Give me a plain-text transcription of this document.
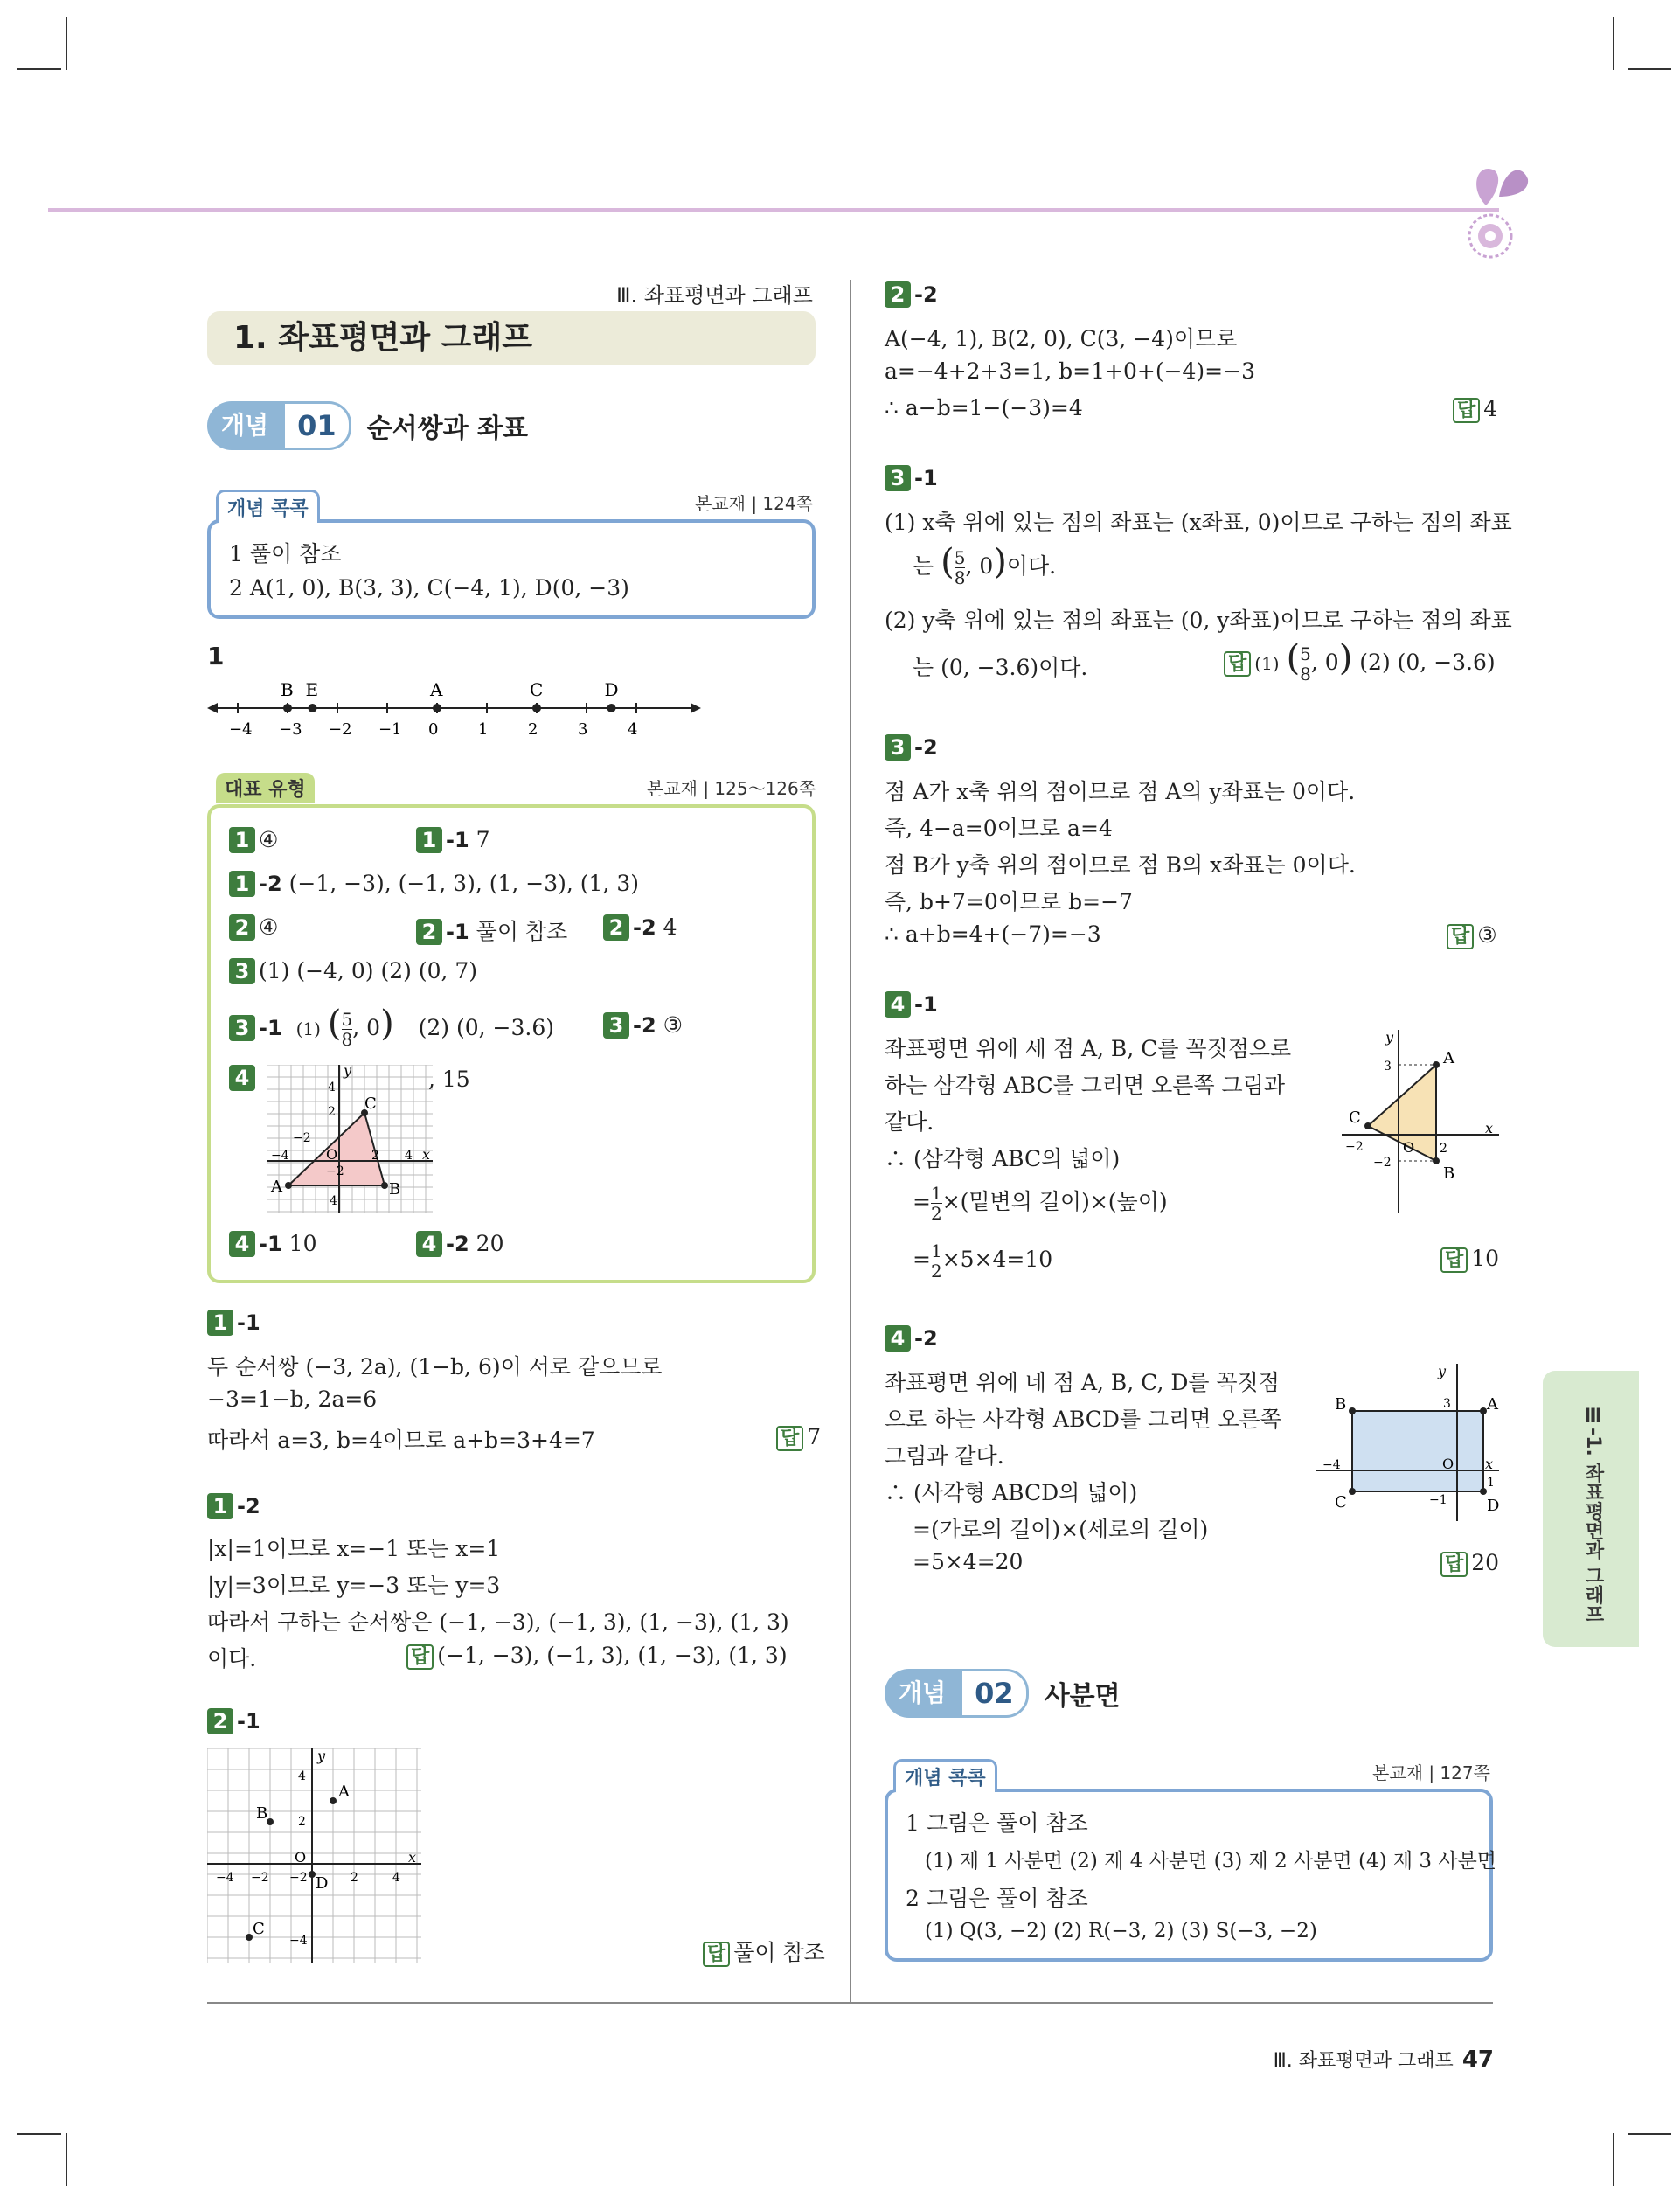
Ⅲ. 좌표평면과 그래프
1. 좌표평면과 그래프
개념	01	순서쌍과 좌표
개념 콕콕	본교재 | 124쪽
1 풀이 참조
2 A(1, 0), B(3, 3), C(−4, 1), D(0, −3)
1
−4 −3 −2 −1 0	1	2	3	4
B E	A	C	D
대표 유형	본교재 | 125～126쪽
1 ④	1 -1 7
1 -2 (−1, −3), (−1, 3), (1, −3), (1, 3)
2 ④	2 -1 풀이 참조 2 -2 4
3 (1) (−4, 0) (2) (0, 7)
3 -1 (1) ( $\frac{5}{8}$ , 0) (2) (0, −3.6)	3 -2 ③
4	y
x
A	B
C
O
4
2
−2
−2
−4
4
2 4
, 15
4 -1 10	4 -2 20
1 -1
두 순서쌍 (−3, 2a), (1−b, 6)이 서로 같으므로
−3=1−b, 2a=6
따라서 a=3, b=4이므로 a+b=3+4=7	답 7
1 -2
|x|=1이므로 x=−1 또는 x=1
|y|=3이므로 y=−3 또는 y=3
따라서 구하는 순서쌍은 (−1, −3), (−1, 3), (1, −3), (1, 3)
이다.	답 (−1, −3), (−1, 3), (1, −3), (1, 3)
2 -1
y
x
A
B
C
D
O
4
2
−2
−4
−4 −2	2	4
답 풀이 참조
2 -2
A(−4, 1), B(2, 0), C(3, −4)이므로
a=−4+2+3=1, b=1+0+(−4)=−3
∴ a−b=1−(−3)=4	답 4
3 -1
(1) x축 위에 있는 점의 좌표는 (x좌표, 0)이므로 구하는 점의 좌표
는 ( $\frac{5}{8}$ , 0)이다.
(2) y축 위에 있는 점의 좌표는 (0, y좌표)이므로 구하는 점의 좌표
는 (0, −3.6)이다.	답 (1) ( $\frac{5}{8}$ , 0) (2) (0, −3.6)
3 -2
점 A가 x축 위의 점이므로 점 A의 y좌표는 0이다.
즉, 4−a=0이므로 a=4
점 B가 y축 위의 점이므로 점 B의 x좌표는 0이다.
즉, b+7=0이므로 b=−7
∴ a+b=4+(−7)=−3	답 ③
4 -1
좌표평면 위에 세 점 A, B, C를 꼭짓점으로
하는 삼각형 ABC를 그리면 오른쪽 그림과
같다.
∴ (삼각형 ABC의 넓이)
= $\frac{1}{2}$ ×(밑변의 길이)×(높이)
= $\frac{1}{2} \times 5\times 4=10$
y
x
A
B
C
O
3
−2
−2	2
답 10
4 -2
좌표평면 위에 네 점 A, B, C, D를 꼭짓점
으로 하는 사각형 ABCD를 그리면 오른쪽
그림과 같다.
∴ (사각형 ABCD의 넓이)
=(가로의 길이)×(세로의 길이)
=5×4=20
y
x
A
B
C	D
O
3
−1
−4
1
답 20
개념	02	사분면
개념 콕콕	본교재 | 127쪽
1 그림은 풀이 참조
(1) 제 1 사분면 (2) 제 4 사분면 (3) 제 2 사분면 (4) 제 3 사분면
2 그림은 풀이 참조
(1) Q(3, −2) (2) R(−3, 2) (3) S(−3, −2)
Ⅲ-1. 좌표평면과 그래프
Ⅲ. 좌표평면과 그래프 47
